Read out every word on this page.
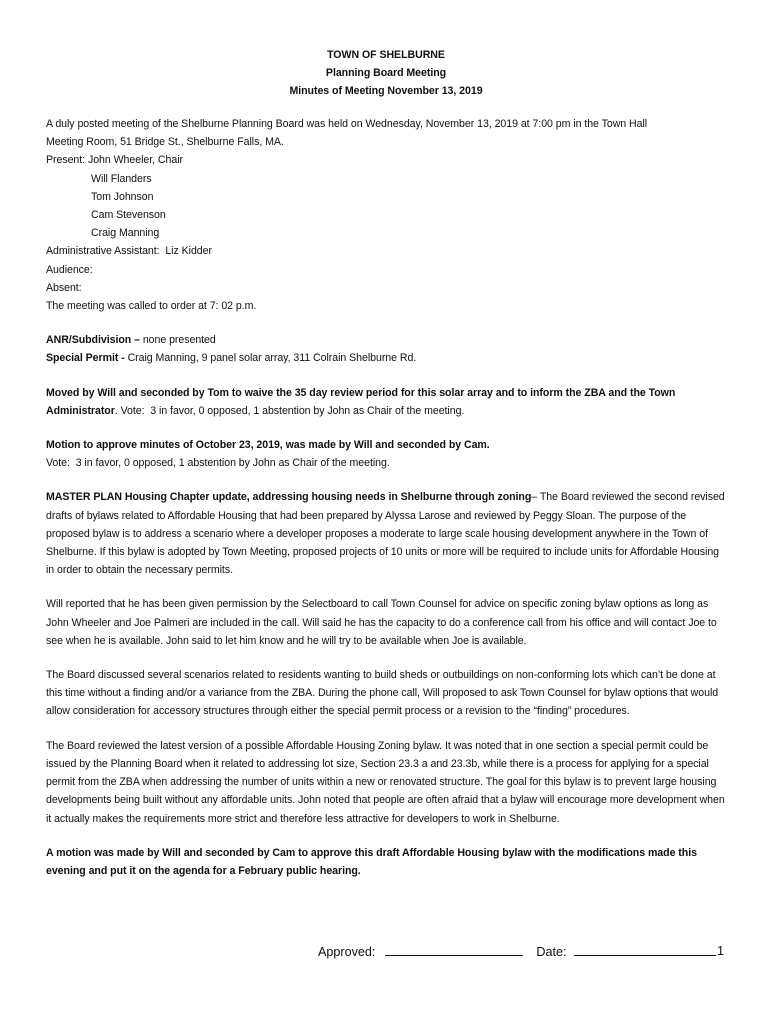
TOWN OF SHELBURNE
Planning Board Meeting
Minutes of Meeting November 13, 2019

A duly posted meeting of the Shelburne Planning Board was held on Wednesday, November 13, 2019 at 7:00 pm in the Town Hall

Meeting Room, 51 Bridge St., Shelburne Falls, MA.

Present: John Wheeler, Chair

Will Flanders

Tom Johnson

Cam Stevenson

Craig Manning

Administrative Assistant:  Liz Kidder

Audience:

Absent:

The meeting was called to order at 7: 02 p.m.

ANR/Subdivision – none presented

Special Permit - Craig Manning, 9 panel solar array, 311 Colrain Shelburne Rd.

Moved by Will and seconded by Tom to waive the 35 day review period for this solar array and to inform the ZBA and the Town Administrator. Vote:  3 in favor, 0 opposed, 1 abstention by John as Chair of the meeting.

Motion to approve minutes of October 23, 2019, was made by Will and seconded by Cam.

Vote:  3 in favor, 0 opposed, 1 abstention by John as Chair of the meeting.

MASTER PLAN Housing Chapter update, addressing housing needs in Shelburne through zoning– The Board reviewed the second revised drafts of bylaws related to Affordable Housing that had been prepared by Alyssa Larose and reviewed by Peggy Sloan. The purpose of the proposed bylaw is to address a scenario where a developer proposes a moderate to large scale housing development anywhere in the Town of Shelburne. If this bylaw is adopted by Town Meeting, proposed projects of 10 units or more will be required to include units for Affordable Housing in order to obtain the necessary permits.

Will reported that he has been given permission by the Selectboard to call Town Counsel for advice on specific zoning bylaw options as long as John Wheeler and Joe Palmeri are included in the call. Will said he has the capacity to do a conference call from his office and will contact Joe to see when he is available. John said to let him know and he will try to be available when Joe is available.

The Board discussed several scenarios related to residents wanting to build sheds or outbuildings on non-conforming lots which can’t be done at this time without a finding and/or a variance from the ZBA. During the phone call, Will proposed to ask Town Counsel for bylaw options that would allow consideration for accessory structures through either the special permit process or a revision to the “finding” procedures.

The Board reviewed the latest version of a possible Affordable Housing Zoning bylaw. It was noted that in one section a special permit could be issued by the Planning Board when it related to addressing lot size, Section 23.3 a and 23.3b, while there is a process for applying for a special permit from the ZBA when addressing the number of units within a new or renovated structure. The goal for this bylaw is to prevent large housing developments being built without any affordable units. John noted that people are often afraid that a bylaw will encourage more development when it actually makes the requirements more strict and therefore less attractive for developers to work in Shelburne.

A motion was made by Will and seconded by Cam to approve this draft Affordable Housing bylaw with the modifications made this evening and put it on the agenda for a February public hearing.

Approved:	Date:	1
